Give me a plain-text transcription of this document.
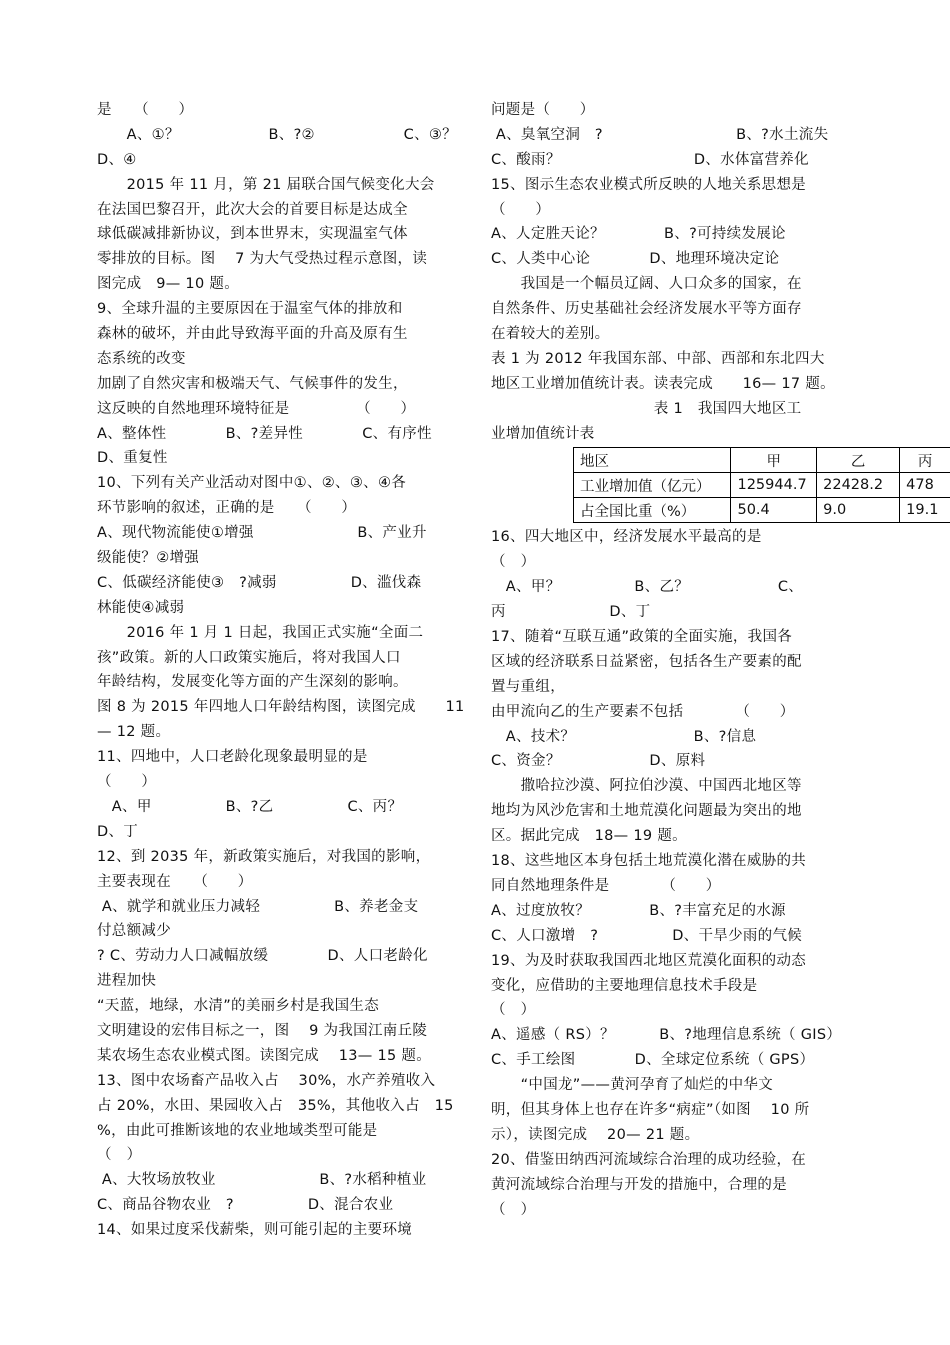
是　　（　　）
　　A、①？　　　　　　B、?②　　　　　　C、③？
D、④
　　2015 年 11 月，第 21 届联合国气候变化大会
在法国巴黎召开，此次大会的首要目标是达成全
球低碳减排新协议，到本世界末，实现温室气体
零排放的目标。图　 7 为大气受热过程示意图，读
图完成　9— 10 题。
9、全球升温的主要原因在于温室气体的排放和
森林的破坏，并由此导致海平面的升高及原有生
态系统的改变
加剧了自然灾害和极端天气、气候事件的发生，
这反映的自然地理环境特征是　　　　　（　　）
A、整体性　　　　B、?差异性　　　　C、有序性
D、重复性
10、下列有关产业活动对图中①、②、③、④各
环节影响的叙述，正确的是　　（　　）
A、现代物流能使①增强　　　　　　　B、产业升
级能使？②增强
C、低碳经济能使③　?减弱　　　　　D、滥伐森
林能使④减弱
　　2016 年 1 月 1 日起，我国正式实施“全面二
孩”政策。新的人口政策实施后，将对我国人口
年龄结构，发展变化等方面的产生深刻的影响。
图 8 为 2015 年四地人口年龄结构图，读图完成　　11
— 12 题。
11、四地中，人口老龄化现象最明显的是
（　　）
　A、甲　　　　　B、?乙　　　　　C、丙？
D、丁
12、到 2035 年，新政策实施后，对我国的影响，
主要表现在　　（　　）
A、就学和就业压力减轻　　　　　B、养老金支
付总额减少
? C、劳动力人口减幅放缓　　　　D、人口老龄化
进程加快
“天蓝，地绿，水清”的美丽乡村是我国生态
文明建设的宏伟目标之一，图　 9 为我国江南丘陵
某农场生态农业模式图。读图完成　 13— 15 题。
13、图中农场畜产品收入占　 30%，水产养殖收入
占 20%，水田、果园收入占　35%，其他收入占　15
%，由此可推断该地的农业地域类型可能是
（　）
A、大牧场放牧业　　　　　　　B、?水稻种植业
C、商品谷物农业　?　　　　　D、混合农业
14、如果过度采伐薪柴，则可能引起的主要环境
问题是（　　）
A、臭氧空洞　?　　　　　　　　　B、?水土流失
C、酸雨？　　　　　　　　　D、水体富营养化
15、图示生态农业模式所反映的人地关系思想是
（　　）
A、人定胜天论？　　　　B、?可持续发展论
C、人类中心论　　　　D、地理环境决定论
　　我国是一个幅员辽阔、人口众多的国家，在
自然条件、历史基础社会经济发展水平等方面存
在着较大的差别。
表 1 为 2012 年我国东部、中部、西部和东北四大
地区工业增加值统计表。读表完成　　16— 17 题。
　　　　　　　　　　　表 1　我国四大地区工
业增加值统计表
地区	甲	乙	丙
工业增加值（亿元）	125944.7	22428.2	478
占全国比重（%）	50.4	9.0	19.1
16、四大地区中，经济发展水平最高的是
（　）
　A、甲？　　　　　B、乙？　　　　　　C、
丙　　　　　　　D、丁
17、随着“互联互通”政策的全面实施，我国各
区域的经济联系日益紧密，包括各生产要素的配
置与重组，
由甲流向乙的生产要素不包括　　　　（　　）
　A、技术？　　　　　　　　B、?信息
C、资金？　　　　　　D、原料
　　撒哈拉沙漠、阿拉伯沙漠、中国西北地区等
地均为风沙危害和土地荒漠化问题最为突出的地
区。据此完成　18— 19 题。
18、这些地区本身包括土地荒漠化潜在威胁的共
同自然地理条件是　　　　（　　）
A、过度放牧？　　　　B、?丰富充足的水源
C、人口激增　?　　　　　D、干旱少雨的气候
19、为及时获取我国西北地区荒漠化面积的动态
变化，应借助的主要地理信息技术手段是
（　）
A、遥感（ RS）？　　　B、?地理信息系统（ GIS）
C、手工绘图　　　　D、全球定位系统（ GPS）
　　“中国龙”——黄河孕育了灿烂的中华文
明，但其身体上也存在许多“病症”（如图　 10 所
示），读图完成　 20— 21 题。
20、借鉴田纳西河流域综合治理的成功经验，在
黄河流域综合治理与开发的措施中，合理的是
（　）
